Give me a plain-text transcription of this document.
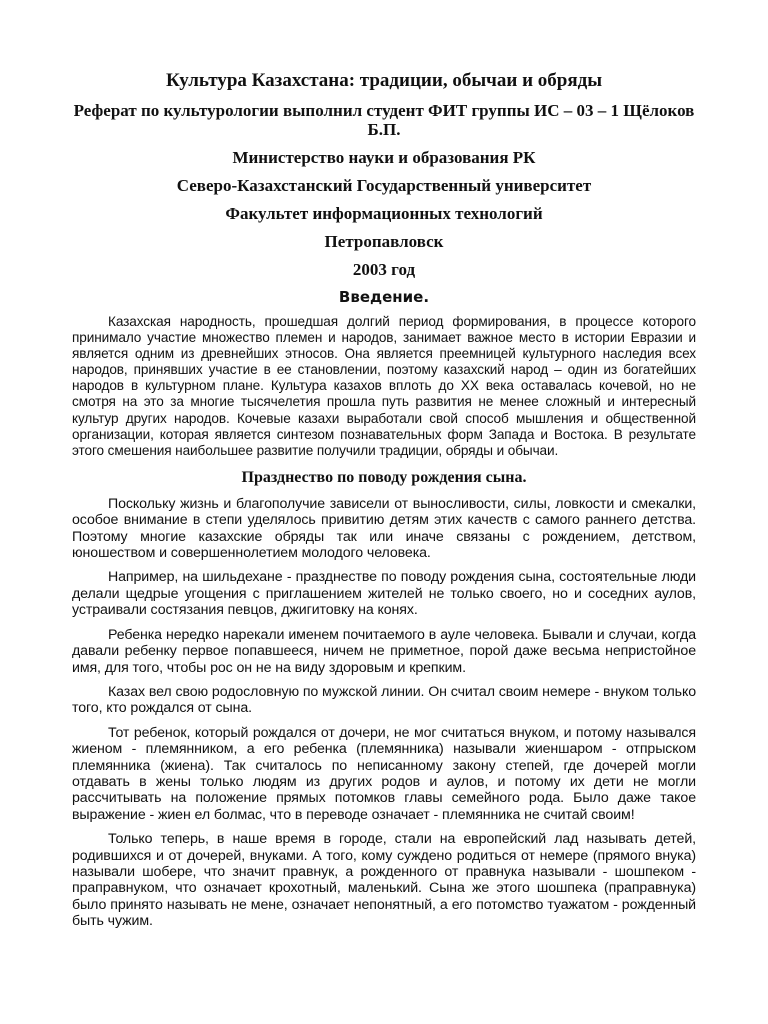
Культура Казахстана: традиции, обычаи и обряды
Реферат по культурологии выполнил студент ФИТ группы ИС – 03 – 1 Щёлоков Б.П.
Министерство науки и образования РК
Северо-Казахстанский Государственный университет
Факультет информационных технологий
Петропавловск
2003 год
Введение.

Казахская народность, прошедшая долгий период формирования, в процессе которого принимало участие множество племен и народов, занимает важное место в истории Евразии и является одним из древнейших этносов. Она является преемницей культурного наследия всех народов, принявших участие в ее становлении, поэтому казахский народ – один из богатейших народов в культурном плане. Культура казахов вплоть до XX века оставалась кочевой, но не смотря на это за многие тысячелетия прошла путь развития не менее сложный и интересный культур других народов. Кочевые казахи выработали свой способ мышления и общественной организации, которая является синтезом познавательных форм Запада и Востока. В результате этого смешения наибольшее развитие получили традиции, обряды и обычаи.

Празднество по поводу рождения сына.

Поскольку жизнь и благополучие зависели от выносливости, силы, ловкости и смекалки, особое внимание в степи уделялось привитию детям этих качеств с самого раннего детства. Поэтому многие казахские обряды так или иначе связаны с рождением, детством, юношеством и совершеннолетием молодого человека.

Например, на шильдехане - празднестве по поводу рождения сына, состоятельные люди делали щедрые угощения с приглашением жителей не только своего, но и соседних аулов, устраивали состязания певцов, джигитовку на конях.

Ребенка нередко нарекали именем почитаемого в ауле человека. Бывали и случаи, когда давали ребенку первое попавшееся, ничем не приметное, порой даже весьма непристойное имя, для того, чтобы рос он не на виду здоровым и крепким.

Казах вел свою родословную по мужской линии. Он считал своим немере - внуком только того, кто рождался от сына.

Тот ребенок, который рождался от дочери, не мог считаться внуком, и потому назывался жиеном - племянником, а его ребенка (племянника) называли жиеншаром - отпрыском племянника (жиена). Так считалось по неписанному закону степей, где дочерей могли отдавать в жены только людям из других родов и аулов, и потому их дети не могли рассчитывать на положение прямых потомков главы семейного рода. Было даже такое выражение - жиен ел болмас, что в переводе означает - племянника не считай своим!

Только теперь, в наше время в городе, стали на европейский лад называть детей, родившихся и от дочерей, внуками. А того, кому суждено родиться от немере (прямого внука) называли шобере, что значит правнук, а рожденного от правнука называли - шошпеком - праправнуком, что означает крохотный, маленький. Сына же этого шошпека (праправнука) было принято называть не мене, означает непонятный, а его потомство туажатом - рожденный быть чужим.
